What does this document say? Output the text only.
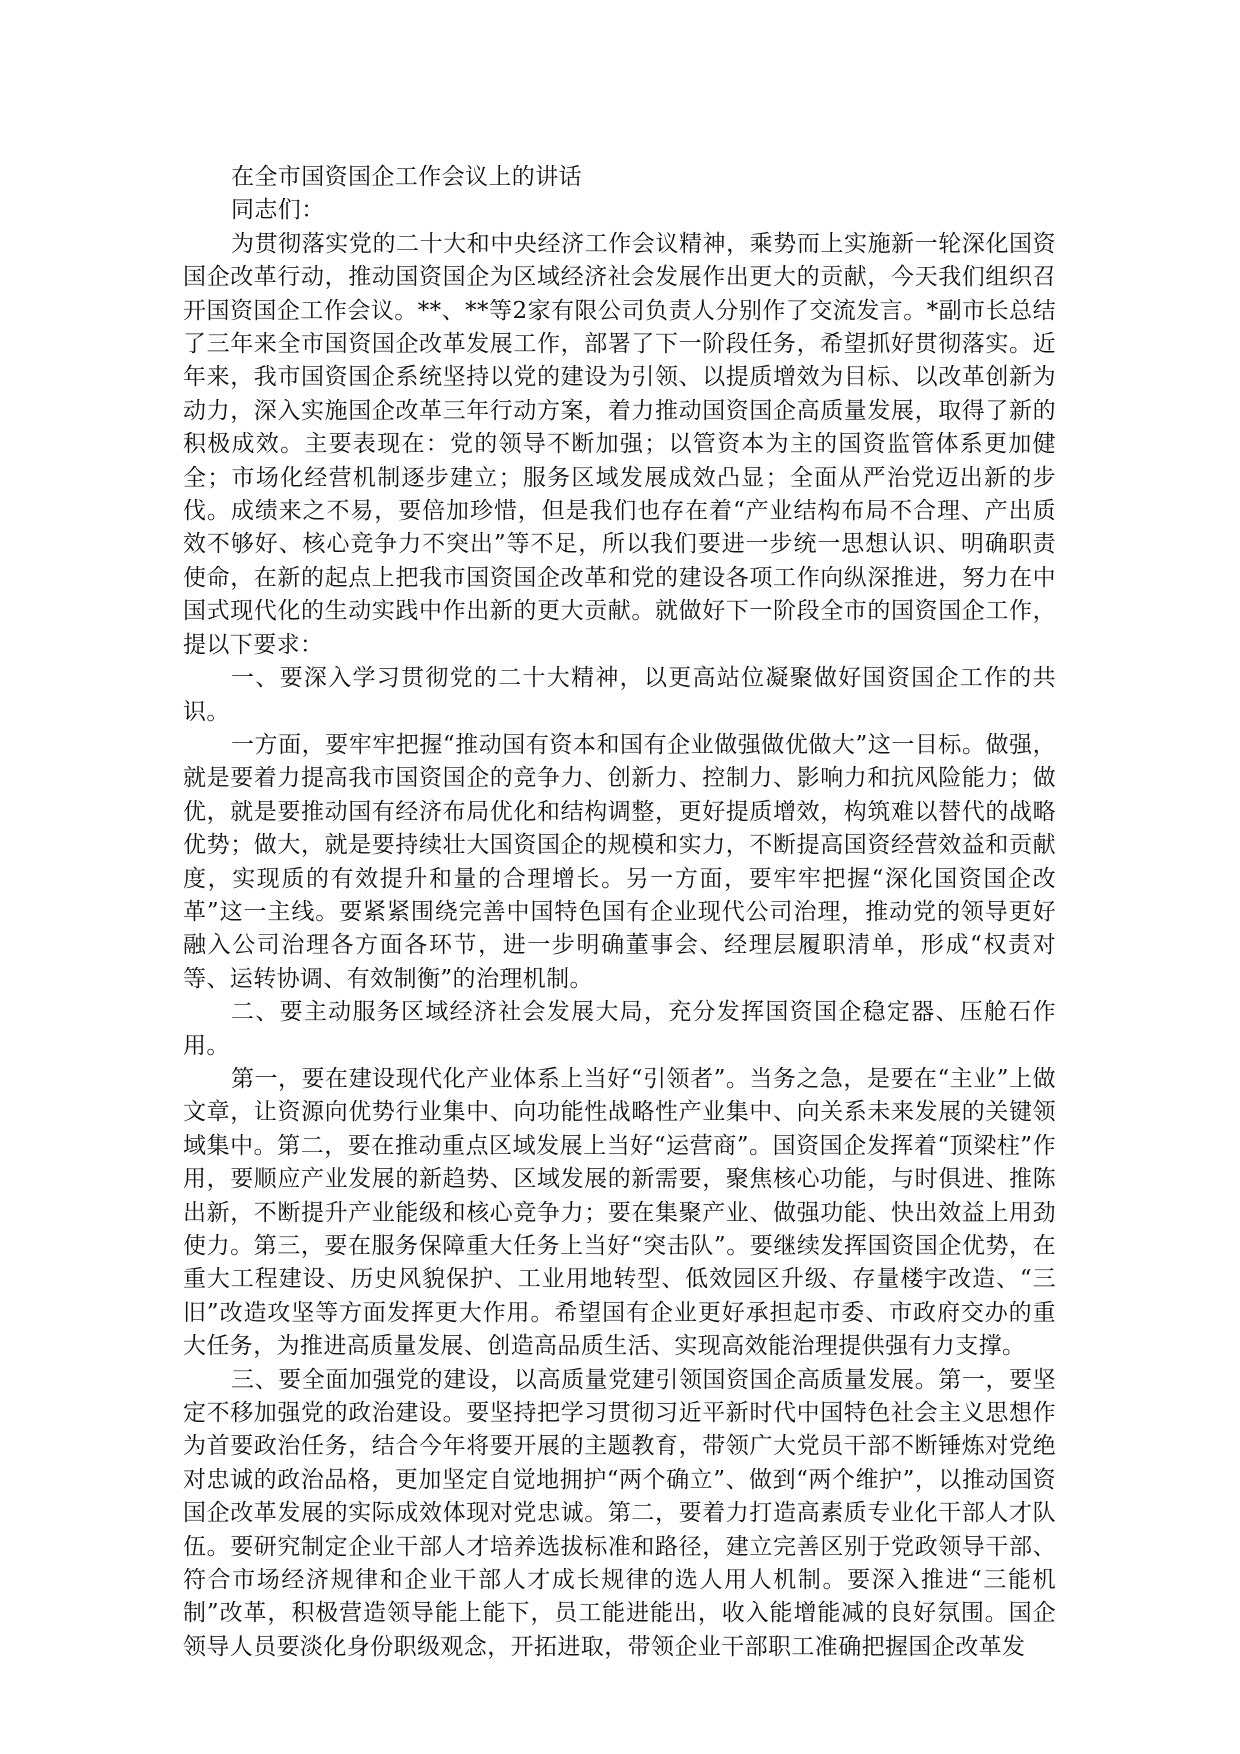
在全市国资国企工作会议上的讲话

同志们：

为贯彻落实党的二十大和中央经济工作会议精神，乘势而上实施新一轮深化国资国企改革行动，推动国资国企为区域经济社会发展作出更大的贡献，今天我们组织召开国资国企工作会议。**、**等2家有限公司负责人分别作了交流发言。*副市长总结了三年来全市国资国企改革发展工作，部署了下一阶段任务，希望抓好贯彻落实。近年来，我市国资国企系统坚持以党的建设为引领、以提质增效为目标、以改革创新为动力，深入实施国企改革三年行动方案，着力推动国资国企高质量发展，取得了新的积极成效。主要表现在：党的领导不断加强；以管资本为主的国资监管体系更加健全；市场化经营机制逐步建立；服务区域发展成效凸显；全面从严治党迈出新的步伐。成绩来之不易，要倍加珍惜，但是我们也存在着“产业结构布局不合理、产出质效不够好、核心竞争力不突出”等不足，所以我们要进一步统一思想认识、明确职责使命，在新的起点上把我市国资国企改革和党的建设各项工作向纵深推进，努力在中国式现代化的生动实践中作出新的更大贡献。就做好下一阶段全市的国资国企工作，提以下要求：

一、要深入学习贯彻党的二十大精神，以更高站位凝聚做好国资国企工作的共识。

一方面，要牢牢把握“推动国有资本和国有企业做强做优做大”这一目标。做强，就是要着力提高我市国资国企的竞争力、创新力、控制力、影响力和抗风险能力；做优，就是要推动国有经济布局优化和结构调整，更好提质增效，构筑难以替代的战略优势；做大，就是要持续壮大国资国企的规模和实力，不断提高国资经营效益和贡献度，实现质的有效提升和量的合理增长。另一方面，要牢牢把握“深化国资国企改革”这一主线。要紧紧围绕完善中国特色国有企业现代公司治理，推动党的领导更好融入公司治理各方面各环节，进一步明确董事会、经理层履职清单，形成“权责对等、运转协调、有效制衡”的治理机制。

二、要主动服务区域经济社会发展大局，充分发挥国资国企稳定器、压舱石作用。

第一，要在建设现代化产业体系上当好“引领者”。当务之急，是要在“主业”上做文章，让资源向优势行业集中、向功能性战略性产业集中、向关系未来发展的关键领域集中。第二，要在推动重点区域发展上当好“运营商”。国资国企发挥着“顶梁柱”作用，要顺应产业发展的新趋势、区域发展的新需要，聚焦核心功能，与时俱进、推陈出新，不断提升产业能级和核心竞争力；要在集聚产业、做强功能、快出效益上用劲使力。第三，要在服务保障重大任务上当好“突击队”。要继续发挥国资国企优势，在重大工程建设、历史风貌保护、工业用地转型、低效园区升级、存量楼宇改造、“三旧”改造攻坚等方面发挥更大作用。希望国有企业更好承担起市委、市政府交办的重大任务，为推进高质量发展、创造高品质生活、实现高效能治理提供强有力支撑。

三、要全面加强党的建设，以高质量党建引领国资国企高质量发展。第一，要坚定不移加强党的政治建设。要坚持把学习贯彻习近平新时代中国特色社会主义思想作为首要政治任务，结合今年将要开展的主题教育，带领广大党员干部不断锤炼对党绝对忠诚的政治品格，更加坚定自觉地拥护“两个确立”、做到“两个维护”，以推动国资国企改革发展的实际成效体现对党忠诚。第二，要着力打造高素质专业化干部人才队伍。要研究制定企业干部人才培养选拔标准和路径，建立完善区别于党政领导干部、符合市场经济规律和企业干部人才成长规律的选人用人机制。要深入推进“三能机制”改革，积极营造领导能上能下，员工能进能出，收入能增能减的良好氛围。国企领导人员要淡化身份职级观念，开拓进取，带领企业干部职工准确把握国企改革发
